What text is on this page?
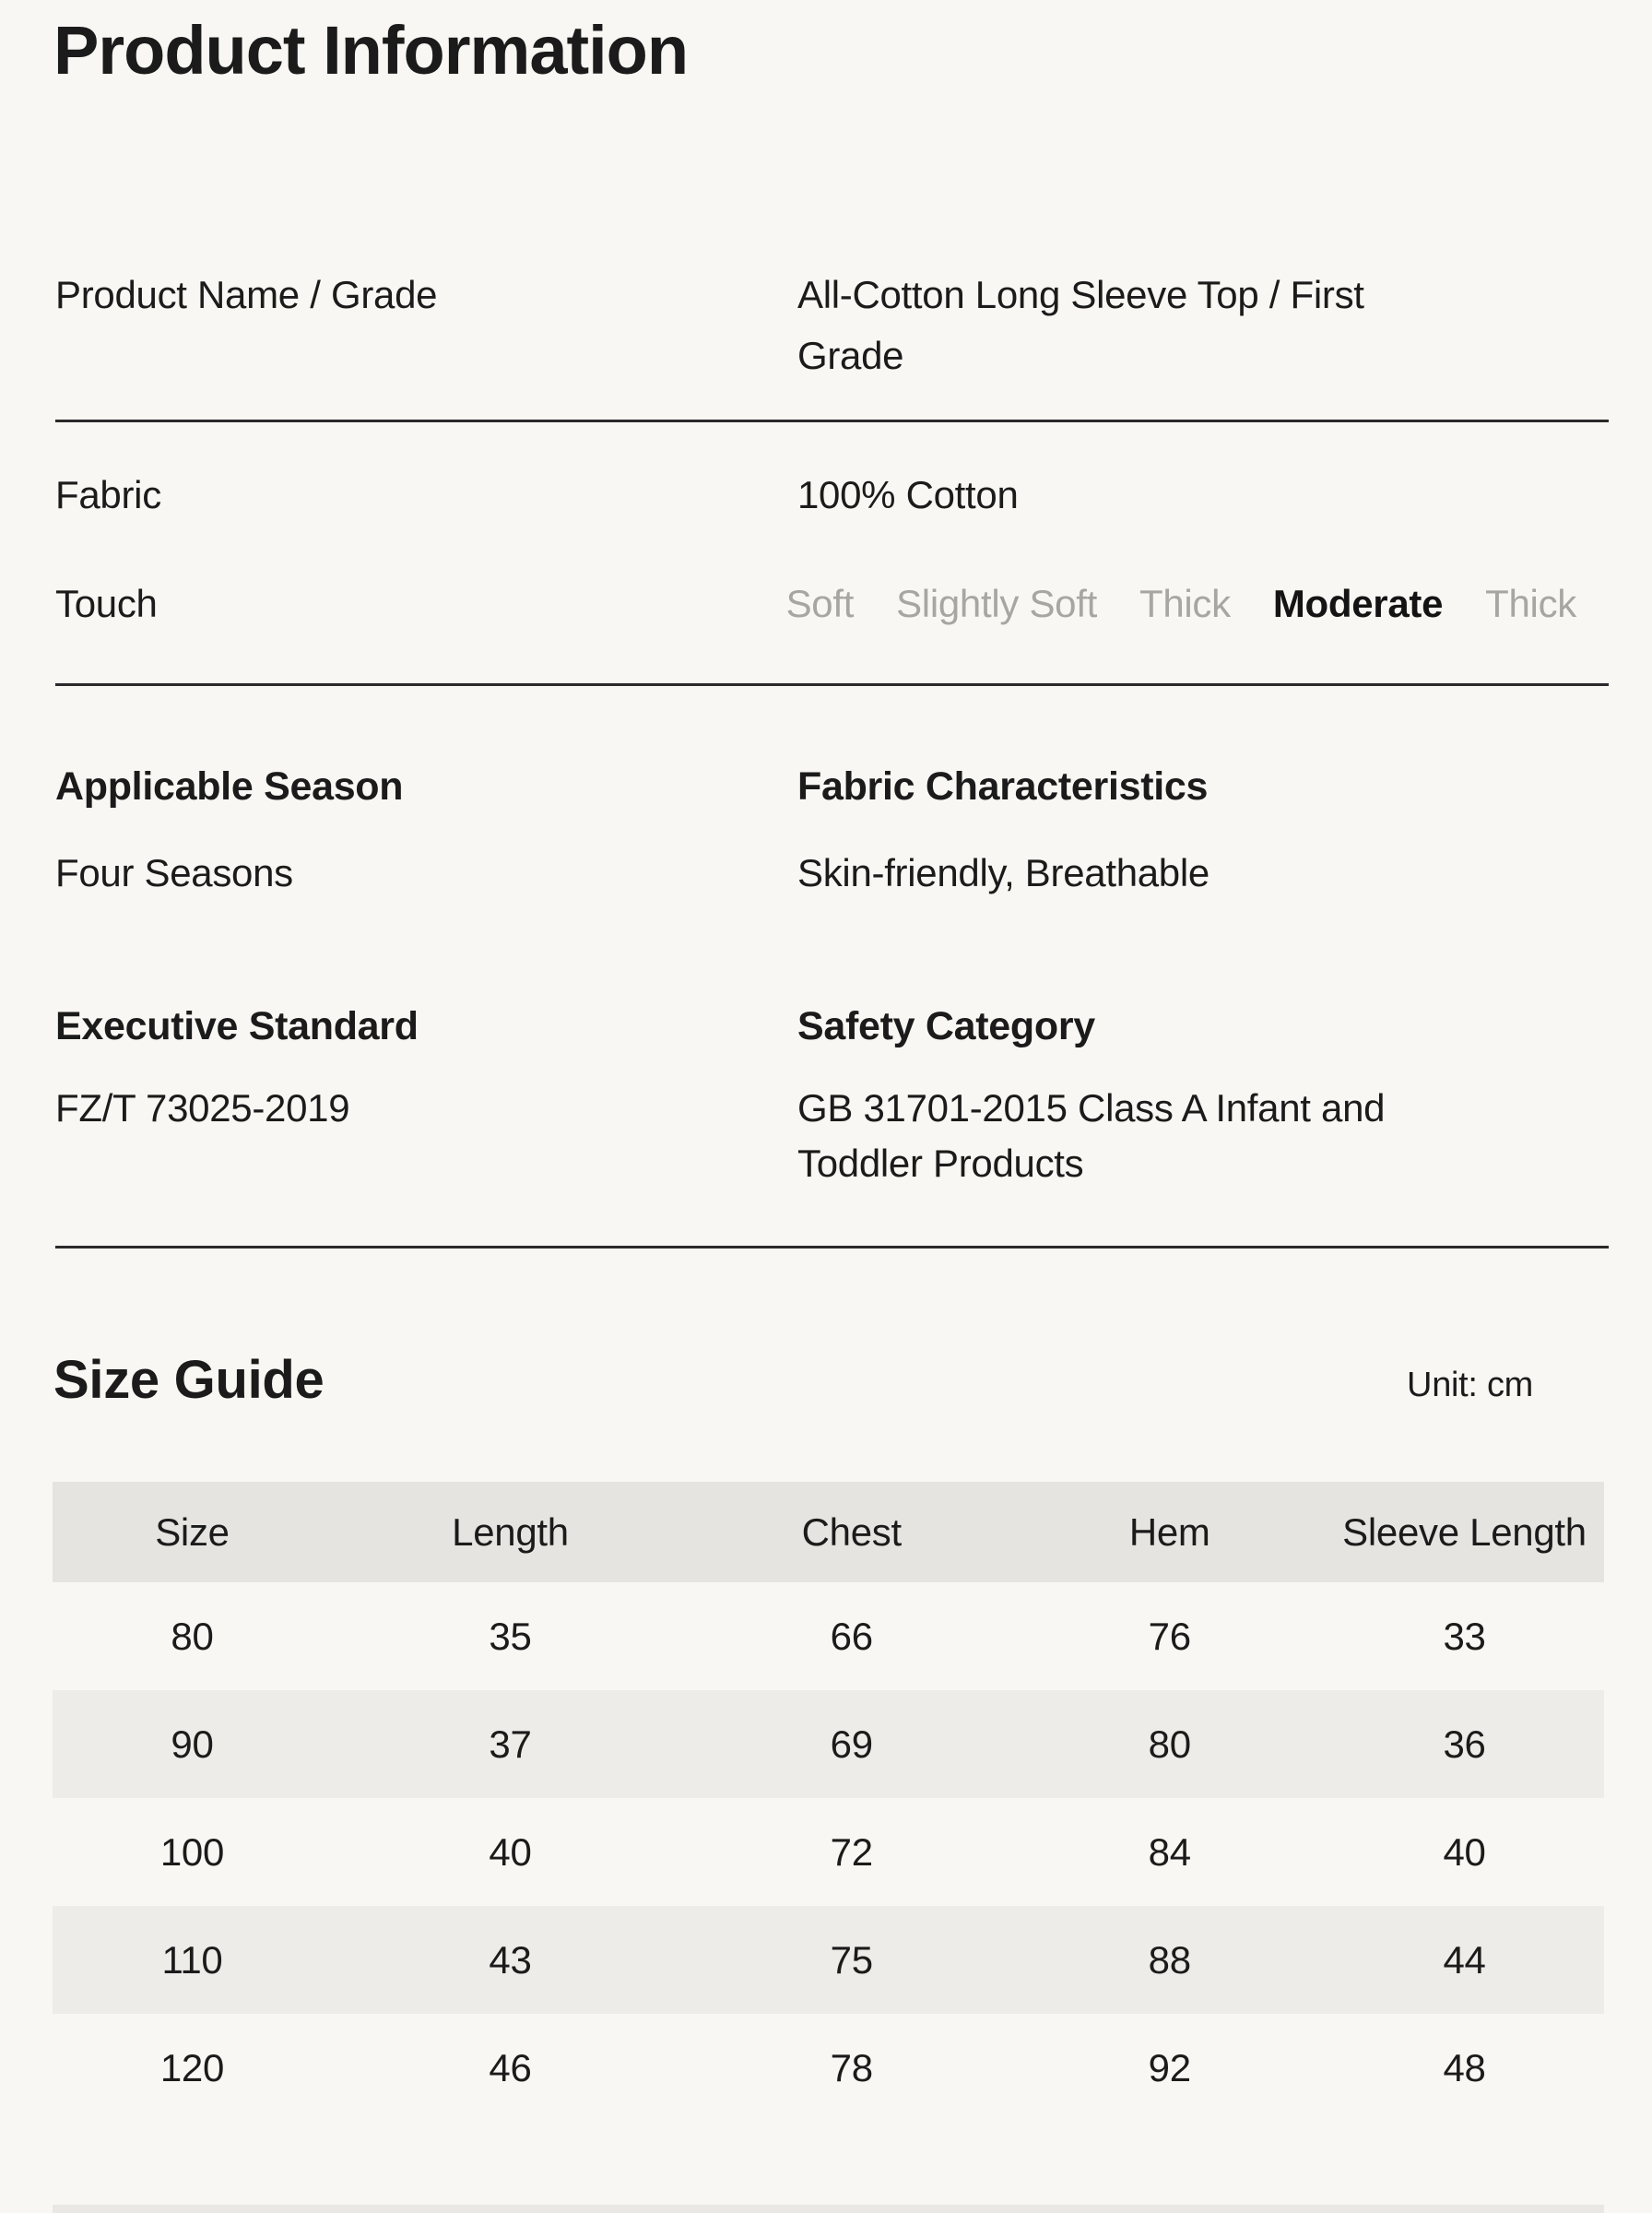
Product Information
Product Name / Grade	All-Cotton Long Sleeve Top / First Grade
Fabric	100% Cotton
Touch	Soft Slightly Soft Thick Moderate Thick
Applicable Season
Four Seasons
Fabric Characteristics
Skin-friendly, Breathable
Executive Standard
FZ/T 73025-2019
Safety Category
GB 31701-2015 Class A Infant and Toddler Products
Size Guide	Unit: cm
Size	Length	Chest	Hem	Sleeve Length
80	35	66	76	33
90	37	69	80	36
100	40	72	84	40
110	43	75	88	44
120	46	78	92	48
